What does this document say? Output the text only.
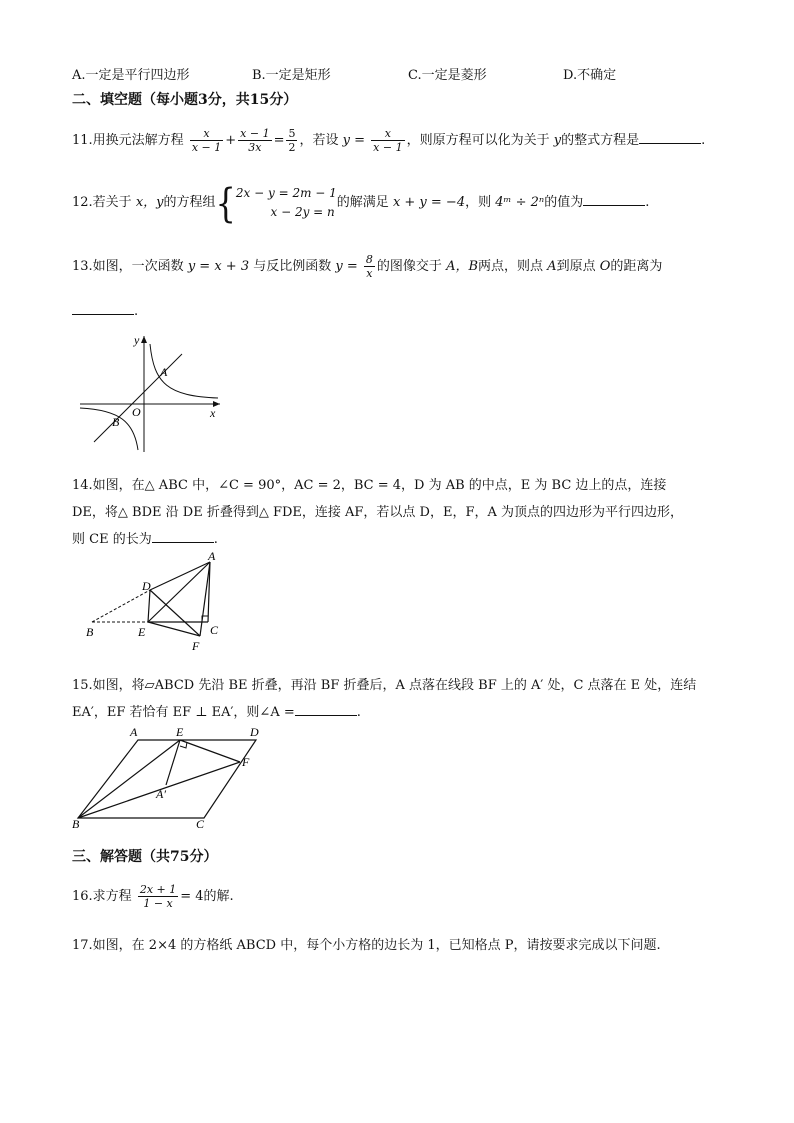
A.一定是平行四边形	B.一定是矩形	C.一定是菱形	D.不确定
二、填空题（每小题3分，共15分）
11.用换元法解方程 $\frac{x}{x - 1} + \frac{x - 1}{3x} = \frac{5}{2}$ ，若设 $y = \frac{x}{x - 1}$ ，则原方程可以化为关于 y的整式方程是	.
12.若关于 x，y的方程组{ 2x − y = 2m − 1
x − 2y = n
的解满足 x + y = −4，则 4ᵐ ÷ 2ⁿ的值为	.
13.如图，一次函数 y = x + 3 与反比例函数 $y = \frac{8}{x}$ 的图像交于 A，B两点，则点 A到原点 O的距离为
.
x
y
O
A
B
14.如图，在△ ABC 中，∠C = 90°，AC = 2，BC = 4，D 为 AB 的中点，E 为 BC 边上的点，连接
DE，将△ BDE 沿 DE 折叠得到△ FDE，连接 AF，若以点 D，E，F，A 为顶点的四边形为平行四边形，
则 CE 的长为	.
A
B	C
D
E
F
15.如图，将▱ABCD 先沿 BE 折叠，再沿 BF 折叠后，A 点落在线段 BF 上的 A′ 处，C 点落在 E 处，连结
EA′，EF 若恰有 EF ⊥ EA′，则∠A =	.
A	E	D
F
A′
B	C
三、解答题（共75分）
16.求方程 $\frac{2x + 1}{1 - x} = 4$的解.
17.如图，在 2×4 的方格纸 ABCD 中，每个小方格的边长为 1，已知格点 P，请按要求完成以下问题.
